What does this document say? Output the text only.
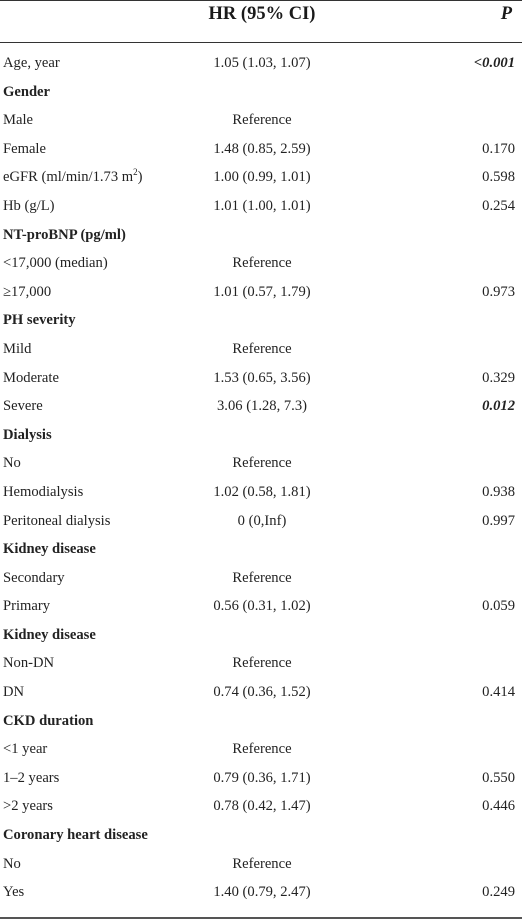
HR (95% CI)	P
Age, year	1.05 (1.03, 1.07)	<0.001
Gender
Male	Reference
Female	1.48 (0.85, 2.59)	0.170
eGFR (ml/min/1.73 $m^2$)	1.00 (0.99, 1.01)	0.598
Hb (g/L)	1.01 (1.00, 1.01)	0.254
NT-proBNP (pg/ml)
<17,000 (median)	Reference
≥17,000	1.01 (0.57, 1.79)	0.973
PH severity
Mild	Reference
Moderate	1.53 (0.65, 3.56)	0.329
Severe	3.06 (1.28, 7.3)	0.012
Dialysis
No	Reference
Hemodialysis	1.02 (0.58, 1.81)	0.938
Peritoneal dialysis	0 (0,Inf)	0.997
Kidney disease
Secondary	Reference
Primary	0.56 (0.31, 1.02)	0.059
Kidney disease
Non-DN	Reference
DN	0.74 (0.36, 1.52)	0.414
CKD duration
<1 year	Reference
1–2 years	0.79 (0.36, 1.71)	0.550
>2 years	0.78 (0.42, 1.47)	0.446
Coronary heart disease
No	Reference
Yes	1.40 (0.79, 2.47)	0.249
